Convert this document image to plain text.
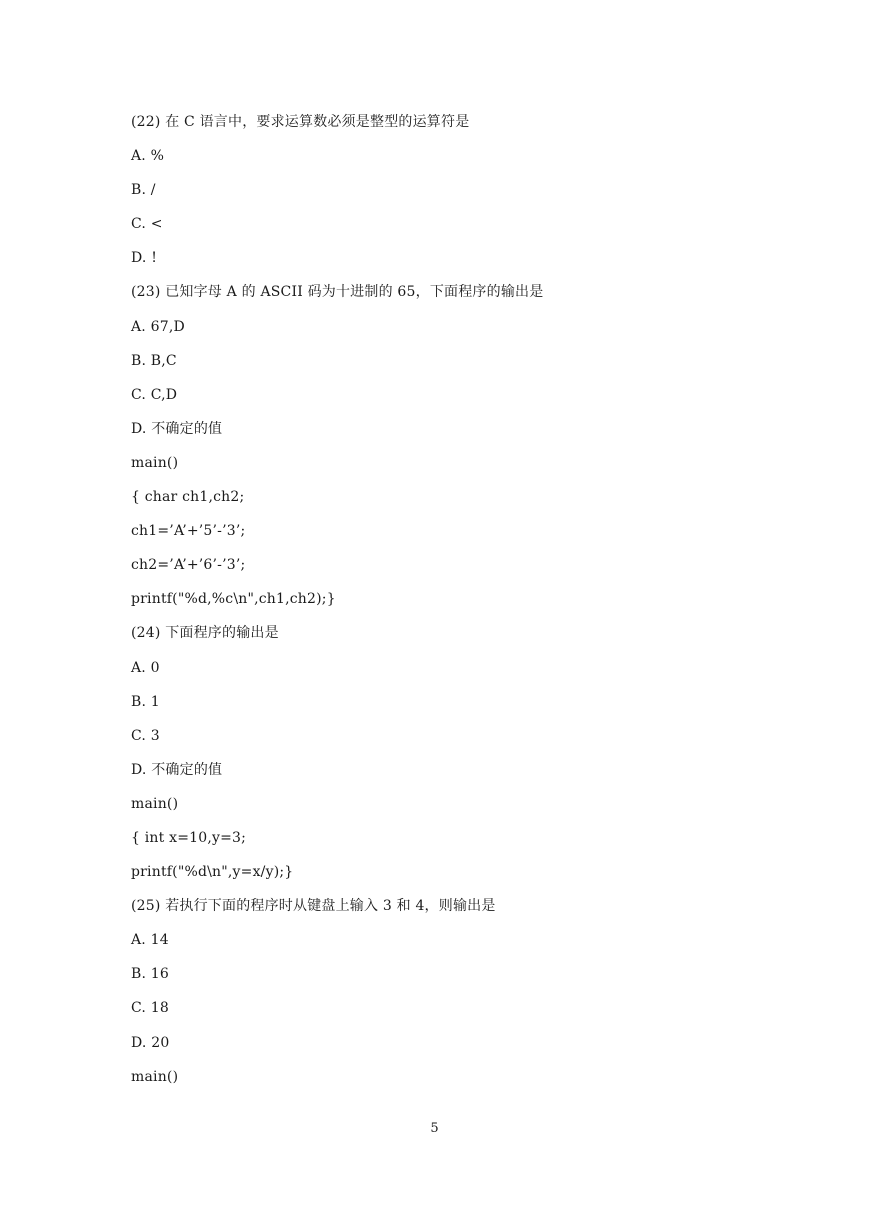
(22) 在 C 语言中，要求运算数必须是整型的运算符是
A. %
B. /
C. <
D. !
(23) 已知字母 A 的 ASCII 码为十进制的 65，下面程序的输出是
A. 67,D
B. B,C
C. C,D
D. 不确定的值
main()
{ char ch1,ch2;
ch1=’A’+’5’-’3’;
ch2=’A’+’6’-’3’;
printf("%d,%c\n",ch1,ch2);}
(24) 下面程序的输出是
A. 0
B. 1
C. 3
D. 不确定的值
main()
{ int x=10,y=3;
printf("%d\n",y=x/y);}
(25) 若执行下面的程序时从键盘上输入 3 和 4，则输出是
A. 14
B. 16
C. 18
D. 20
main()
5
